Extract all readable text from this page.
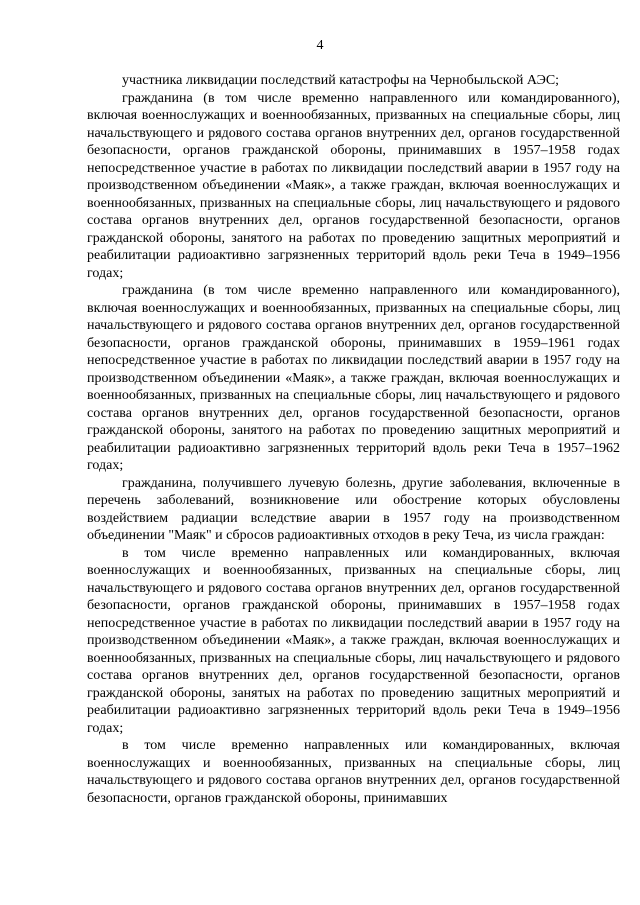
4

участника ликвидации последствий катастрофы на Чернобыльской АЭС;

гражданина (в том числе временно направленного или командированного), включая военнослужащих и военнообязанных, призванных на специальные сборы, лиц начальствующего и рядового состава органов внутренних дел, органов государственной безопасности, органов гражданской обороны, принимавших в 1957–1958 годах непосредственное участие в работах по ликвидации последствий аварии в 1957 году на производственном объединении «Маяк», а также граждан, включая военнослужащих и военнообязанных, призванных на специальные сборы, лиц начальствующего и рядового состава органов внутренних дел, органов государственной безопасности, органов гражданской обороны, занятого на работах по проведению защитных мероприятий и реабилитации радиоактивно загрязненных территорий вдоль реки Теча в 1949–1956 годах;

гражданина (в том числе временно направленного или командированного), включая военнослужащих и военнообязанных, призванных на специальные сборы, лиц начальствующего и рядового состава органов внутренних дел, органов государственной безопасности, органов гражданской обороны, принимавших в 1959–1961 годах непосредственное участие в работах по ликвидации последствий аварии в 1957 году на производственном объединении «Маяк», а также граждан, включая военнослужащих и военнообязанных, призванных на специальные сборы, лиц начальствующего и рядового состава органов внутренних дел, органов государственной безопасности, органов гражданской обороны, занятого на работах по проведению защитных мероприятий и реабилитации радиоактивно загрязненных территорий вдоль реки Теча в 1957–1962 годах;

гражданина, получившего лучевую болезнь, другие заболевания, включенные в перечень заболеваний, возникновение или обострение которых обусловлены воздействием радиации вследствие аварии в 1957 году на производственном объединении "Маяк" и сбросов радиоактивных отходов в реку Теча, из числа граждан:

в том числе временно направленных или командированных, включая военнослужащих и военнообязанных, призванных на специальные сборы, лиц начальствующего и рядового состава органов внутренних дел, органов государственной безопасности, органов гражданской обороны, принимавших в 1957–1958 годах непосредственное участие в работах по ликвидации последствий аварии в 1957 году на производственном объединении «Маяк», а также граждан, включая военнослужащих и военнообязанных, призванных на специальные сборы, лиц начальствующего и рядового состава органов внутренних дел, органов государственной безопасности, органов гражданской обороны, занятых на работах по проведению защитных мероприятий и реабилитации радиоактивно загрязненных территорий вдоль реки Теча в 1949–1956 годах;

в том числе временно направленных или командированных, включая военнослужащих и военнообязанных, призванных на специальные сборы, лиц начальствующего и рядового состава органов внутренних дел, органов государственной безопасности, органов гражданской обороны, принимавших
